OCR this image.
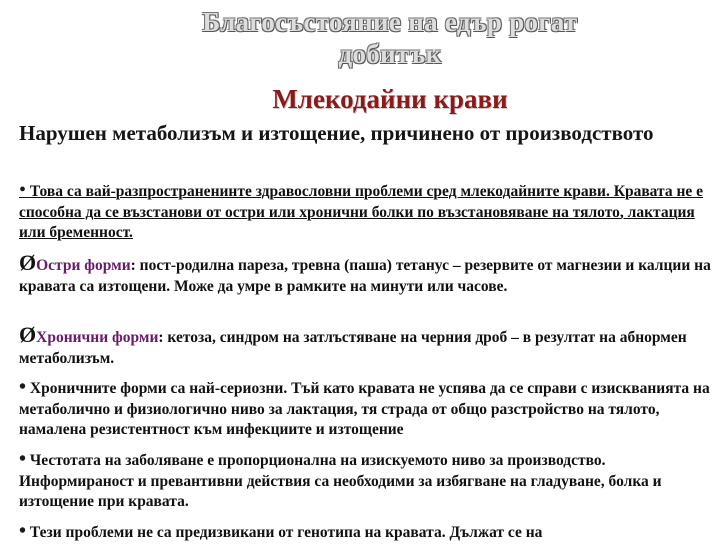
Благосъстояние на едър рогат добитък
Млекодайни крави
Нарушен метаболизъм и изтощение, причинено от производството
• Това са вай-разпространенинте здравословни проблеми сред млекодайните крави. Кравата не е способна да се възстанови от остри или хронични болки по възстановяване на тялото, лактация или бременност.
ØОстри форми: пост-родилна пареза, тревна (паша) тетанус – резервите от магнезии и калции на кравата са изтощени. Може да умре в рамките на минути или часове.
ØХронични форми: кетоза, синдром на затлъстяване на черния дроб – в резултат на абнормен метаболизъм.
• Хроничните форми са най-сериозни. Тъй като кравата не успява да се справи с изискванията на метаболично и физиологично ниво за лактация, тя страда от общо разстройство на тялото, намалена резистентност към инфекциите и изтощение
• Честотата на заболяване е пропорционална на изискуемото ниво за производство. Информираност и превантивни действия са необходими за избягване на гладуване, болка и изтощение при кравата.
• Тези проблеми не са предизвикани от генотипа на кравата. Дължат се на
